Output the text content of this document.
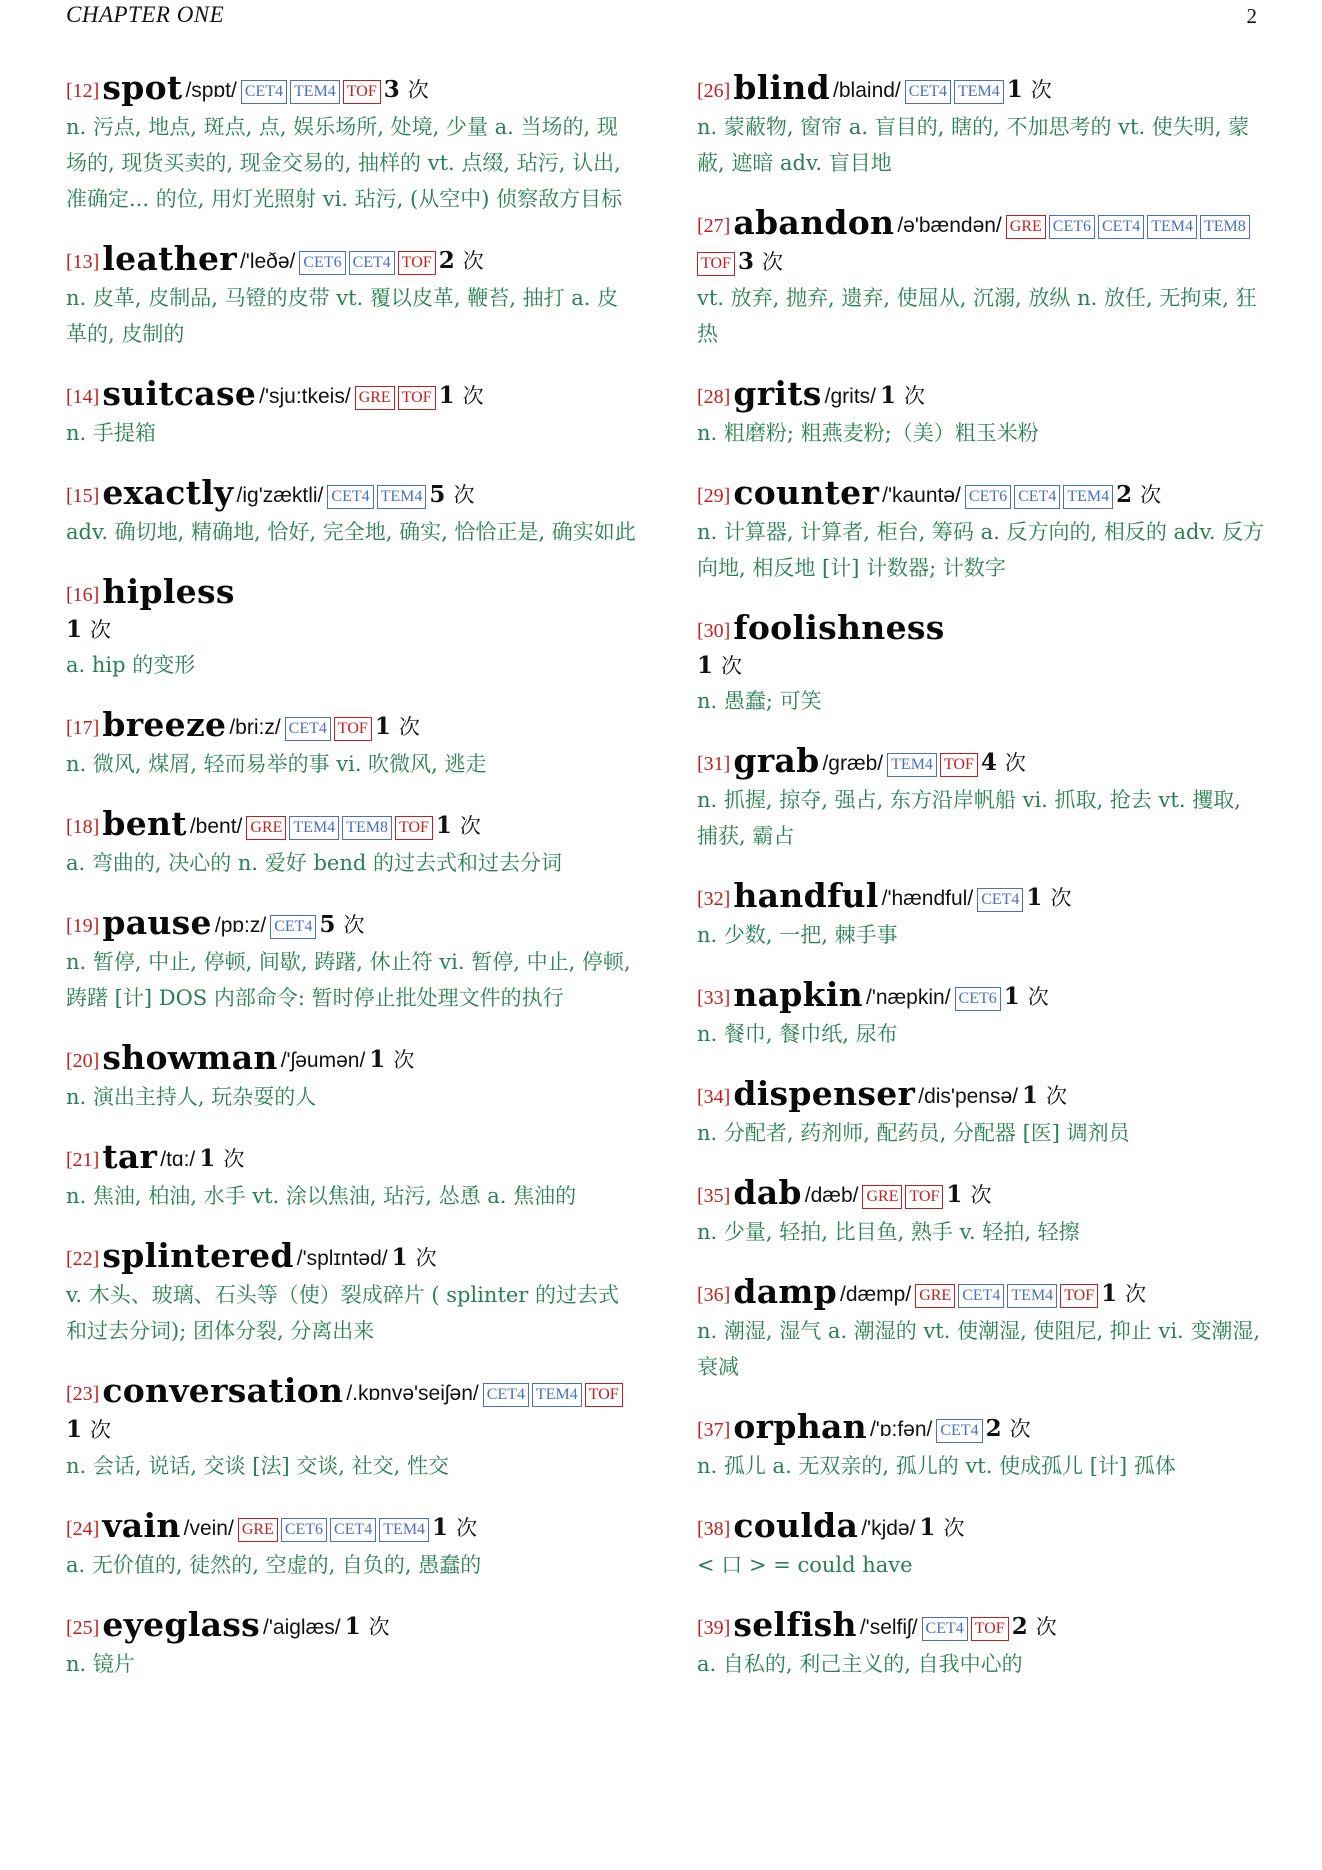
CHAPTER ONE	2
[12]spot /spɒt/ CET4 TEM4 TOF 3 次
n. 污点, 地点, 斑点, 点, 娱乐场所, 处境, 少量 a. 当场的, 现场的, 现货买卖的, 现金交易的, 抽样的 vt. 点缀, 玷污, 认出, 准确定... 的位, 用灯光照射 vi. 玷污, (从空中) 侦察敌方目标
[13]leather /'leðə/ CET6 CET4 TOF 2 次
n. 皮革, 皮制品, 马镫的皮带 vt. 覆以皮革, 鞭苔, 抽打 a. 皮革的, 皮制的
[14]suitcase /'sju:tkeis/ GRE TOF 1 次
n. 手提箱
[15]exactly /ig'zæktli/ CET4 TEM4 5 次
adv. 确切地, 精确地, 恰好, 完全地, 确实, 恰恰正是, 确实如此
[16]hipless
1 次
a. hip 的变形
[17]breeze /bri:z/ CET4 TOF 1 次
n. 微风, 煤屑, 轻而易举的事 vi. 吹微风, 逃走
[18]bent /bent/ GRE TEM4 TEM8 TOF 1 次
a. 弯曲的, 决心的 n. 爱好 bend 的过去式和过去分词
[19]pause /pɒ:z/ CET4 5 次
n. 暂停, 中止, 停顿, 间歇, 踌躇, 休止符 vi. 暂停, 中止, 停顿, 踌躇 [计] DOS 内部命令: 暂时停止批处理文件的执行
[20]showman /'ʃəumən/ 1 次
n. 演出主持人, 玩杂耍的人
[21]tar /tɑ:/ 1 次
n. 焦油, 柏油, 水手 vt. 涂以焦油, 玷污, 怂恿 a. 焦油的
[22]splintered /'splɪntəd/ 1 次
v. 木头、玻璃、石头等（使）裂成碎片 ( splinter 的过去式和过去分词); 团体分裂, 分离出来
[23]conversation /.kɒnvə'seiʃən/ CET4 TEM4 TOF1 次
n. 会话, 说话, 交谈 [法] 交谈, 社交, 性交
[24]vain /vein/ GRE CET6 CET4 TEM4 1 次
a. 无价值的, 徒然的, 空虚的, 自负的, 愚蠢的
[25]eyeglass /'aiglæs/ 1 次
n. 镜片
[26]blind /blaind/ CET4 TEM4 1 次
n. 蒙蔽物, 窗帘 a. 盲目的, 瞎的, 不加思考的 vt. 使失明, 蒙蔽, 遮暗 adv. 盲目地
[27]abandon /ə'bændən/ GRE CET6 CET4 TEM4 TEM8TOF 3 次
vt. 放弃, 抛弃, 遗弃, 使屈从, 沉溺, 放纵 n. 放任, 无拘束, 狂热
[28]grits /grits/ 1 次
n. 粗磨粉; 粗燕麦粉;（美）粗玉米粉
[29]counter /'kauntə/ CET6 CET4 TEM4 2 次
n. 计算器, 计算者, 柜台, 筹码 a. 反方向的, 相反的 adv. 反方向地, 相反地 [计] 计数器; 计数字
[30]foolishness
1 次
n. 愚蠢; 可笑
[31]grab /græb/ TEM4 TOF 4 次
n. 抓握, 掠夺, 强占, 东方沿岸帆船 vi. 抓取, 抢去 vt. 攫取, 捕获, 霸占
[32]handful /'hændful/ CET4 1 次
n. 少数, 一把, 棘手事
[33]napkin /'næpkin/ CET6 1 次
n. 餐巾, 餐巾纸, 尿布
[34]dispenser /dis'pensə/ 1 次
n. 分配者, 药剂师, 配药员, 分配器 [医] 调剂员
[35]dab /dæb/ GRE TOF 1 次
n. 少量, 轻拍, 比目鱼, 熟手 v. 轻拍, 轻擦
[36]damp /dæmp/ GRE CET4 TEM4 TOF 1 次
n. 潮湿, 湿气 a. 潮湿的 vt. 使潮湿, 使阻尼, 抑止 vi. 变潮湿, 衰减
[37]orphan /'ɒ:fən/ CET4 2 次
n. 孤儿 a. 无双亲的, 孤儿的 vt. 使成孤儿 [计] 孤体
[38]coulda /'kjdə/ 1 次
< 口 > = could have
[39]selfish /'selfiʃ/ CET4 TOF 2 次
a. 自私的, 利己主义的, 自我中心的
